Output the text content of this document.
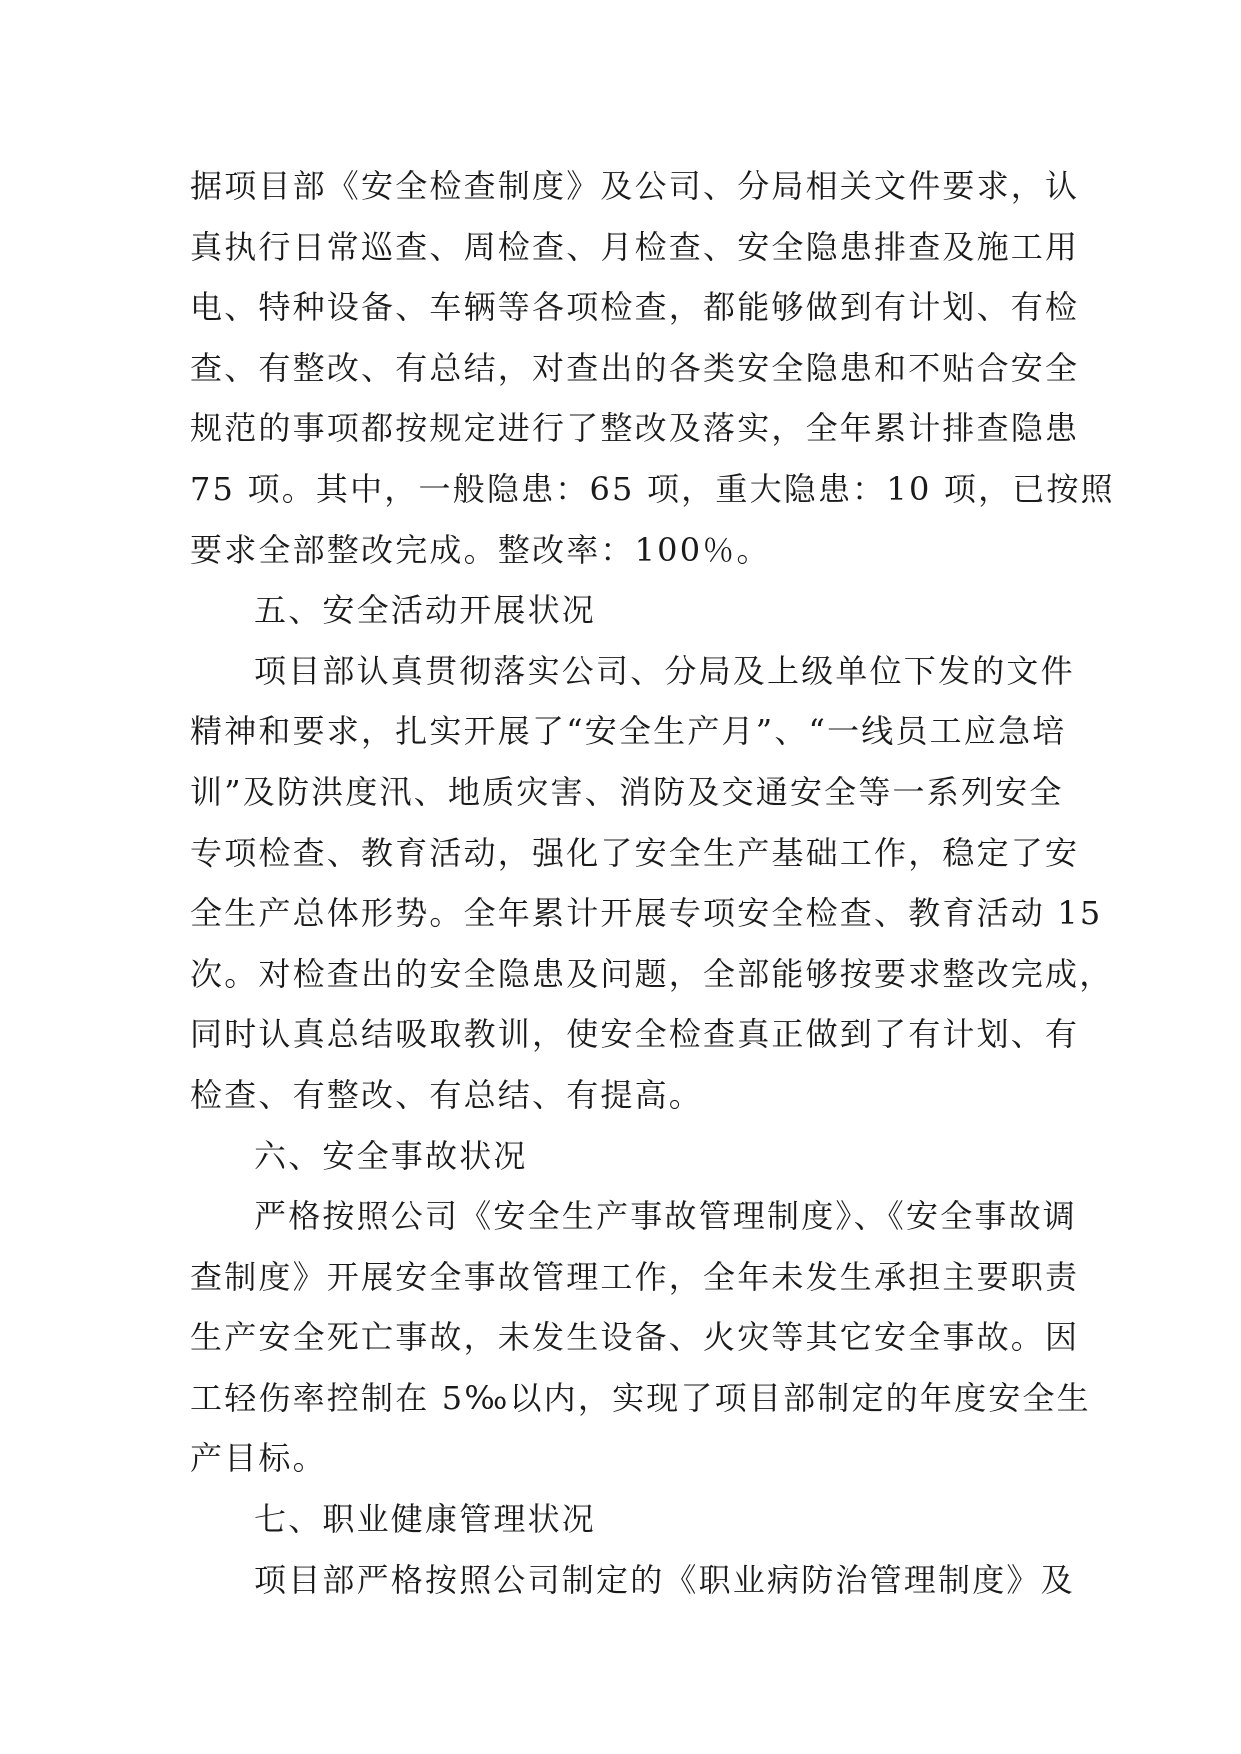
据项目部《安全检查制度》及公司、分局相关文件要求，认
真执行日常巡查、周检查、月检查、安全隐患排查及施工用
电、特种设备、车辆等各项检查，都能够做到有计划、有检
查、有整改、有总结，对查出的各类安全隐患和不贴合安全
规范的事项都按规定进行了整改及落实，全年累计排查隐患
75 项。其中，一般隐患：65 项，重大隐患：10 项，已按照
要求全部整改完成。整改率：100％。
五、安全活动开展状况
项目部认真贯彻落实公司、分局及上级单位下发的文件
精神和要求，扎实开展了“安全生产月”、“一线员工应急培
训”及防洪度汛、地质灾害、消防及交通安全等一系列安全
专项检查、教育活动，强化了安全生产基础工作，稳定了安
全生产总体形势。全年累计开展专项安全检查、教育活动 15
次。对检查出的安全隐患及问题，全部能够按要求整改完成，
同时认真总结吸取教训，使安全检查真正做到了有计划、有
检查、有整改、有总结、有提高。
六、安全事故状况
严格按照公司《安全生产事故管理制度》、《安全事故调
查制度》开展安全事故管理工作，全年未发生承担主要职责
生产安全死亡事故，未发生设备、火灾等其它安全事故。因
工轻伤率控制在 5‰以内，实现了项目部制定的年度安全生
产目标。
七、职业健康管理状况
项目部严格按照公司制定的《职业病防治管理制度》及
